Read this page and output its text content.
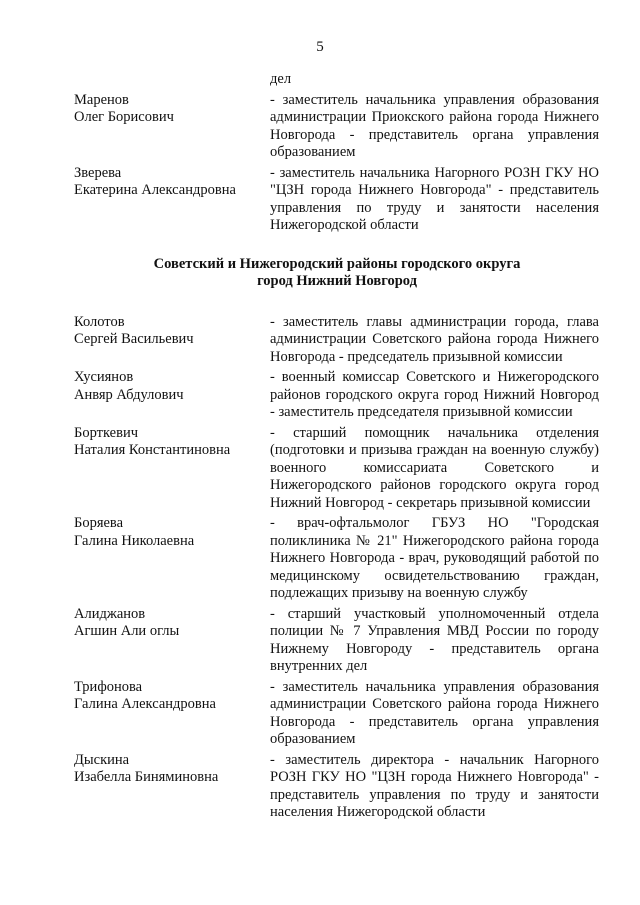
5
дел
Маренов
Олег Борисович
- заместитель начальника управления образования администрации Приокского района города Нижнего Новгорода - представитель органа управления образованием
Зверева
Екатерина Александровна
- заместитель начальника Нагорного РОЗН ГКУ НО "ЦЗН города Нижнего Новгорода" - представитель управления по труду и занятости населения Нижегородской области
Советский и Нижегородский районы городского округа
город Нижний Новгород
Колотов
Сергей Васильевич
- заместитель главы администрации города, глава администрации Советского района города Нижнего Новгорода - председатель призывной комиссии
Хусиянов
Анвяр Абдулович
- военный комиссар Советского и Нижегородского районов городского округа город Нижний Новгород - заместитель председателя призывной комиссии
Борткевич
Наталия Константиновна
- старший помощник начальника отделения (подготовки и призыва граждан на военную службу) военного комиссариата Советского и Нижегородского районов городского округа город Нижний Новгород - секретарь призывной комиссии
Боряева
Галина Николаевна
- врач-офтальмолог ГБУЗ НО "Городская поликлиника № 21" Нижегородского района города Нижнего Новгорода - врач, руководящий работой по медицинскому освидетельствованию граждан, подлежащих призыву на военную службу
Алиджанов
Агшин Али оглы
- старший участковый уполномоченный отдела полиции № 7 Управления МВД России по городу Нижнему Новгороду - представитель органа внутренних дел
Трифонова
Галина Александровна
- заместитель начальника управления образования администрации Советского района города Нижнего Новгорода - представитель органа управления образованием
Дыскина
Изабелла Биняминовна
- заместитель директора - начальник Нагорного РОЗН ГКУ НО "ЦЗН города Нижнего Новгорода" - представитель управления по труду и занятости населения Нижегородской области
